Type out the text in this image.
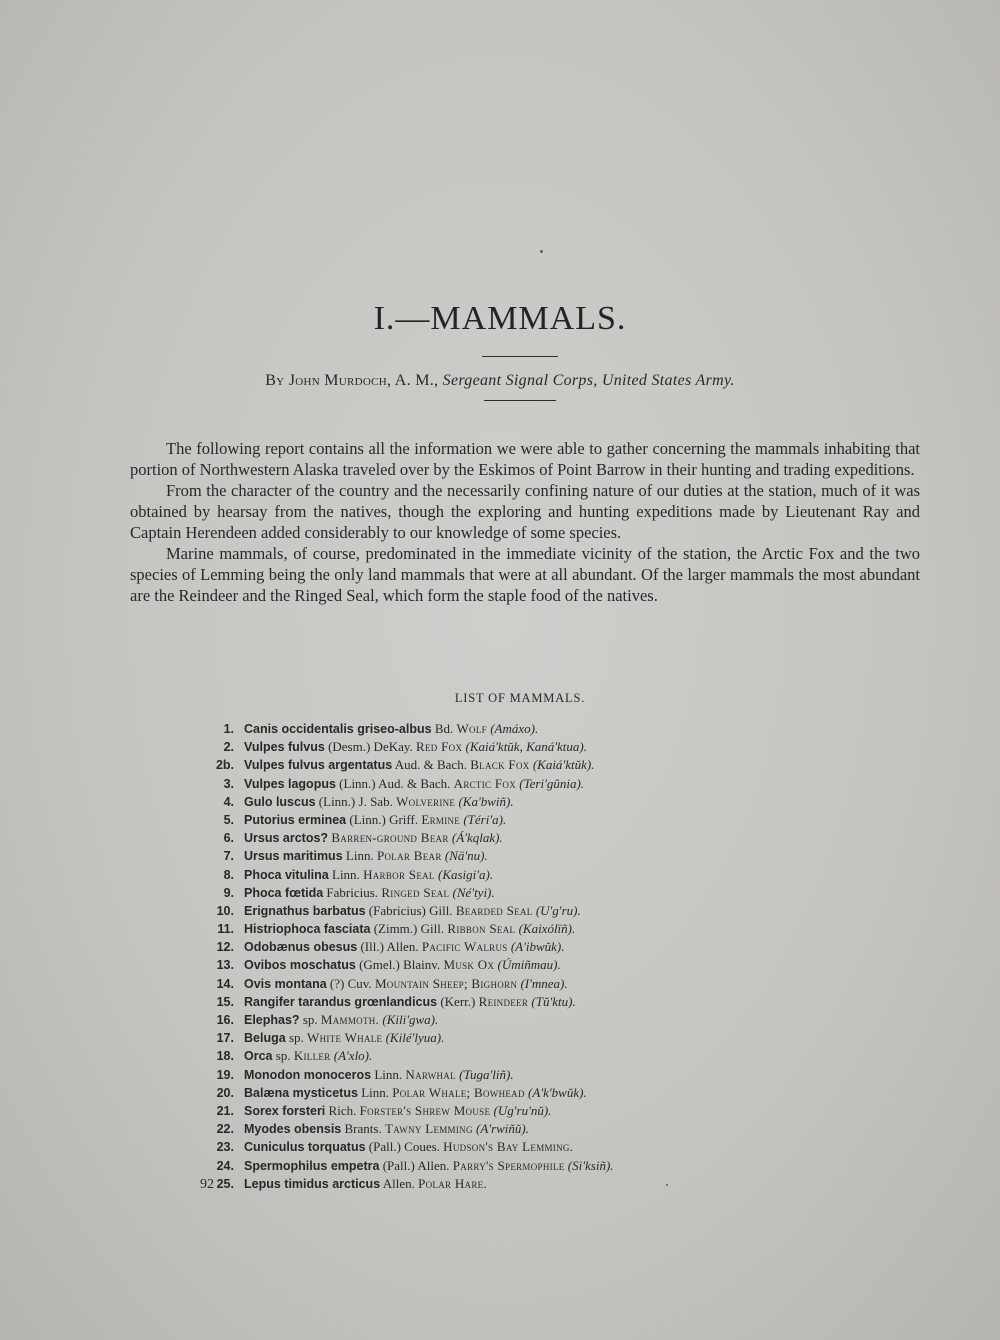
I.—MAMMALS.
By John Murdoch, A. M., Sergeant Signal Corps, United States Army.

The following report contains all the information we were able to gather concerning the mammals inhabiting that portion of Northwestern Alaska traveled over by the Eskimos of Point Barrow in their hunting and trading expeditions.

From the character of the country and the necessarily confining nature of our duties at the station, much of it was obtained by hearsay from the natives, though the exploring and hunting expeditions made by Lieutenant Ray and Captain Herendeen added considerably to our knowledge of some species.

Marine mammals, of course, predominated in the immediate vicinity of the station, the Arctic Fox and the two species of Lemming being the only land mammals that were at all abundant. Of the larger mammals the most abundant are the Reindeer and the Ringed Seal, which form the staple food of the natives.

LIST OF MAMMALS.
1. Canis occidentalis griseo-albus Bd. Wolf (Amáxo).
2. Vulpes fulvus (Desm.) DeKay. Red Fox (Kaiá'ktŭk, Kaná'ktua).
2b. Vulpes fulvus argentatus Aud. & Bach. Black Fox (Kaiá'ktŭk).
3. Vulpes lagopus (Linn.) Aud. & Bach. Arctic Fox (Teri'gûnia).
4. Gulo luscus (Linn.) J. Sab. Wolverine (Ka'bwiñ).
5. Putorius erminea (Linn.) Griff. Ermine (Téri'a).
6. Ursus arctos? Barren-ground Bear (Á'kqlak).
7. Ursus maritimus Linn. Polar Bear (Nä'nu).
8. Phoca vitulina Linn. Harbor Seal (Kasigi'a).
9. Phoca fœtida Fabricius. Ringed Seal (Né'tyi).
10. Erignathus barbatus (Fabricius) Gill. Bearded Seal (U'g'ru).
11. Histriophoca fasciata (Zimm.) Gill. Ribbon Seal (Kaixólïñ).
12. Odobænus obesus (Ill.) Allen. Pacific Walrus (A'ibwŭk).
13. Ovibos moschatus (Gmel.) Blainv. Musk Ox (Úmiñmau).
14. Ovis montana (?) Cuv. Mountain Sheep; Bighorn (I'mnea).
15. Rangifer tarandus grœnlandicus (Kerr.) Reindeer (Tŭ'ktu).
16. Elephas? sp. Mammoth. (Kili'gwa).
17. Beluga sp. White Whale (Kilé'lyua).
18. Orca sp. Killer (A'xlo).
19. Monodon monoceros Linn. Narwhal (Tuga'liñ).
20. Balæna mysticetus Linn. Polar Whale; Bowhead (A'k'bwŭk).
21. Sorex forsteri Rich. Forster's Shrew Mouse (Ug'ru'nŭ).
22. Myodes obensis Brants. Tawny Lemming (A'rwiñŭ).
23. Cuniculus torquatus (Pall.) Coues. Hudson's Bay Lemming.
24. Spermophilus empetra (Pall.) Allen. Parry's Spermophile (Si'ksiñ).
25. Lepus timidus arcticus Allen. Polar Hare.
92
